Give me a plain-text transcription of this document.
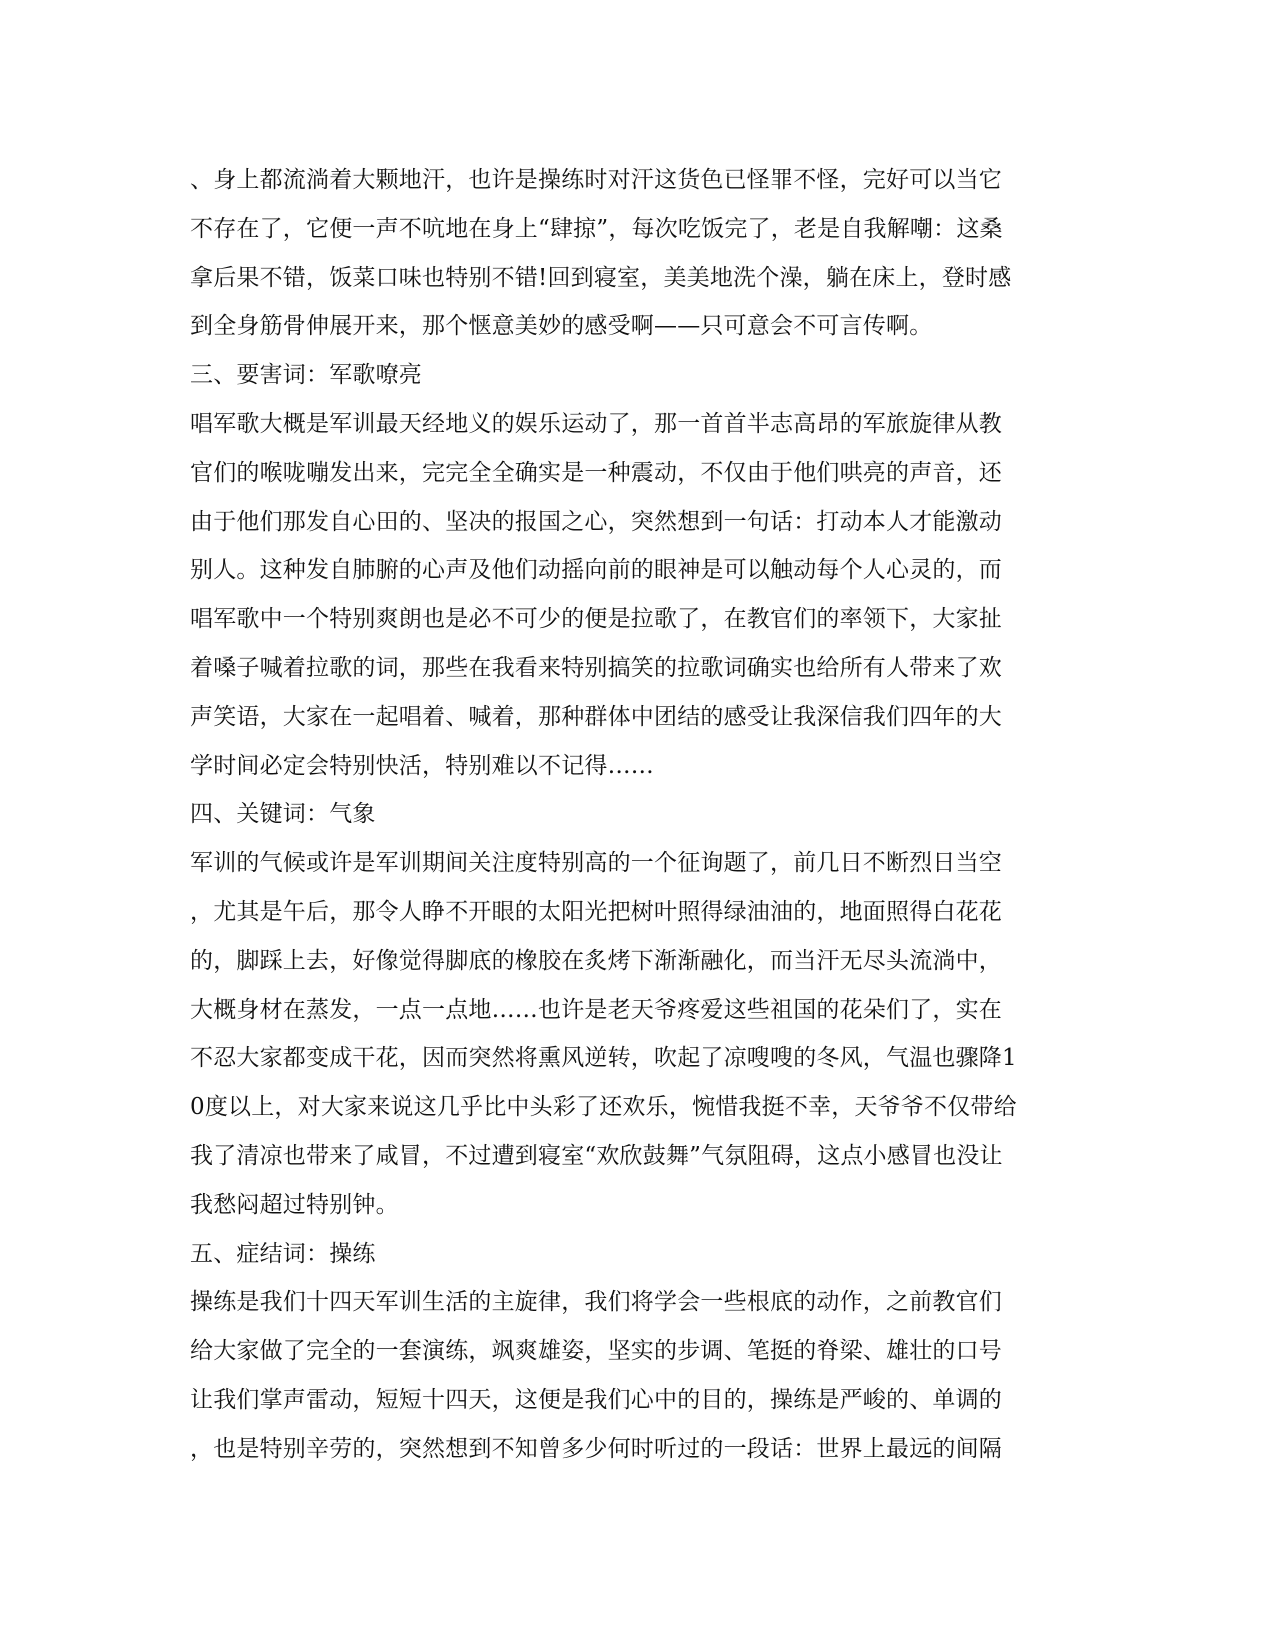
、身上都流淌着大颗地汗，也许是操练时对汗这货色已怪罪不怪，完好可以当它
不存在了，它便一声不吭地在身上“肆掠”，每次吃饭完了，老是自我解嘲：这桑
拿后果不错，饭菜口味也特别不错!回到寝室，美美地洗个澡，躺在床上，登时感
到全身筋骨伸展开来，那个惬意美妙的感受啊——只可意会不可言传啊。
三、要害词：军歌嘹亮
唱军歌大概是军训最天经地义的娱乐运动了，那一首首半志高昂的军旅旋律从教
官们的喉咙嘣发出来，完完全全确实是一种震动，不仅由于他们哄亮的声音，还
由于他们那发自心田的、坚决的报国之心，突然想到一句话：打动本人才能激动
别人。这种发自肺腑的心声及他们动摇向前的眼神是可以触动每个人心灵的，而
唱军歌中一个特别爽朗也是必不可少的便是拉歌了，在教官们的率领下，大家扯
着嗓子喊着拉歌的词，那些在我看来特别搞笑的拉歌词确实也给所有人带来了欢
声笑语，大家在一起唱着、喊着，那种群体中团结的感受让我深信我们四年的大
学时间必定会特别快活，特别难以不记得……
四、关键词：气象
军训的气候或许是军训期间关注度特别高的一个征询题了，前几日不断烈日当空
，尤其是午后，那令人睁不开眼的太阳光把树叶照得绿油油的，地面照得白花花
的，脚踩上去，好像觉得脚底的橡胶在炙烤下渐渐融化，而当汗无尽头流淌中，
大概身材在蒸发，一点一点地……也许是老天爷疼爱这些祖国的花朵们了，实在
不忍大家都变成干花，因而突然将熏风逆转，吹起了凉嗖嗖的冬风，气温也骤降1
0度以上，对大家来说这几乎比中头彩了还欢乐，惋惜我挺不幸，天爷爷不仅带给
我了清凉也带来了咸冒，不过遭到寝室“欢欣鼓舞”气氛阻碍，这点小感冒也没让
我愁闷超过特别钟。
五、症结词：操练
操练是我们十四天军训生活的主旋律，我们将学会一些根底的动作，之前教官们
给大家做了完全的一套演练，飒爽雄姿，坚实的步调、笔挺的脊梁、雄壮的口号
让我们掌声雷动，短短十四天，这便是我们心中的目的，操练是严峻的、单调的
，也是特别辛劳的，突然想到不知曾多少何时听过的一段话：世界上最远的间隔
